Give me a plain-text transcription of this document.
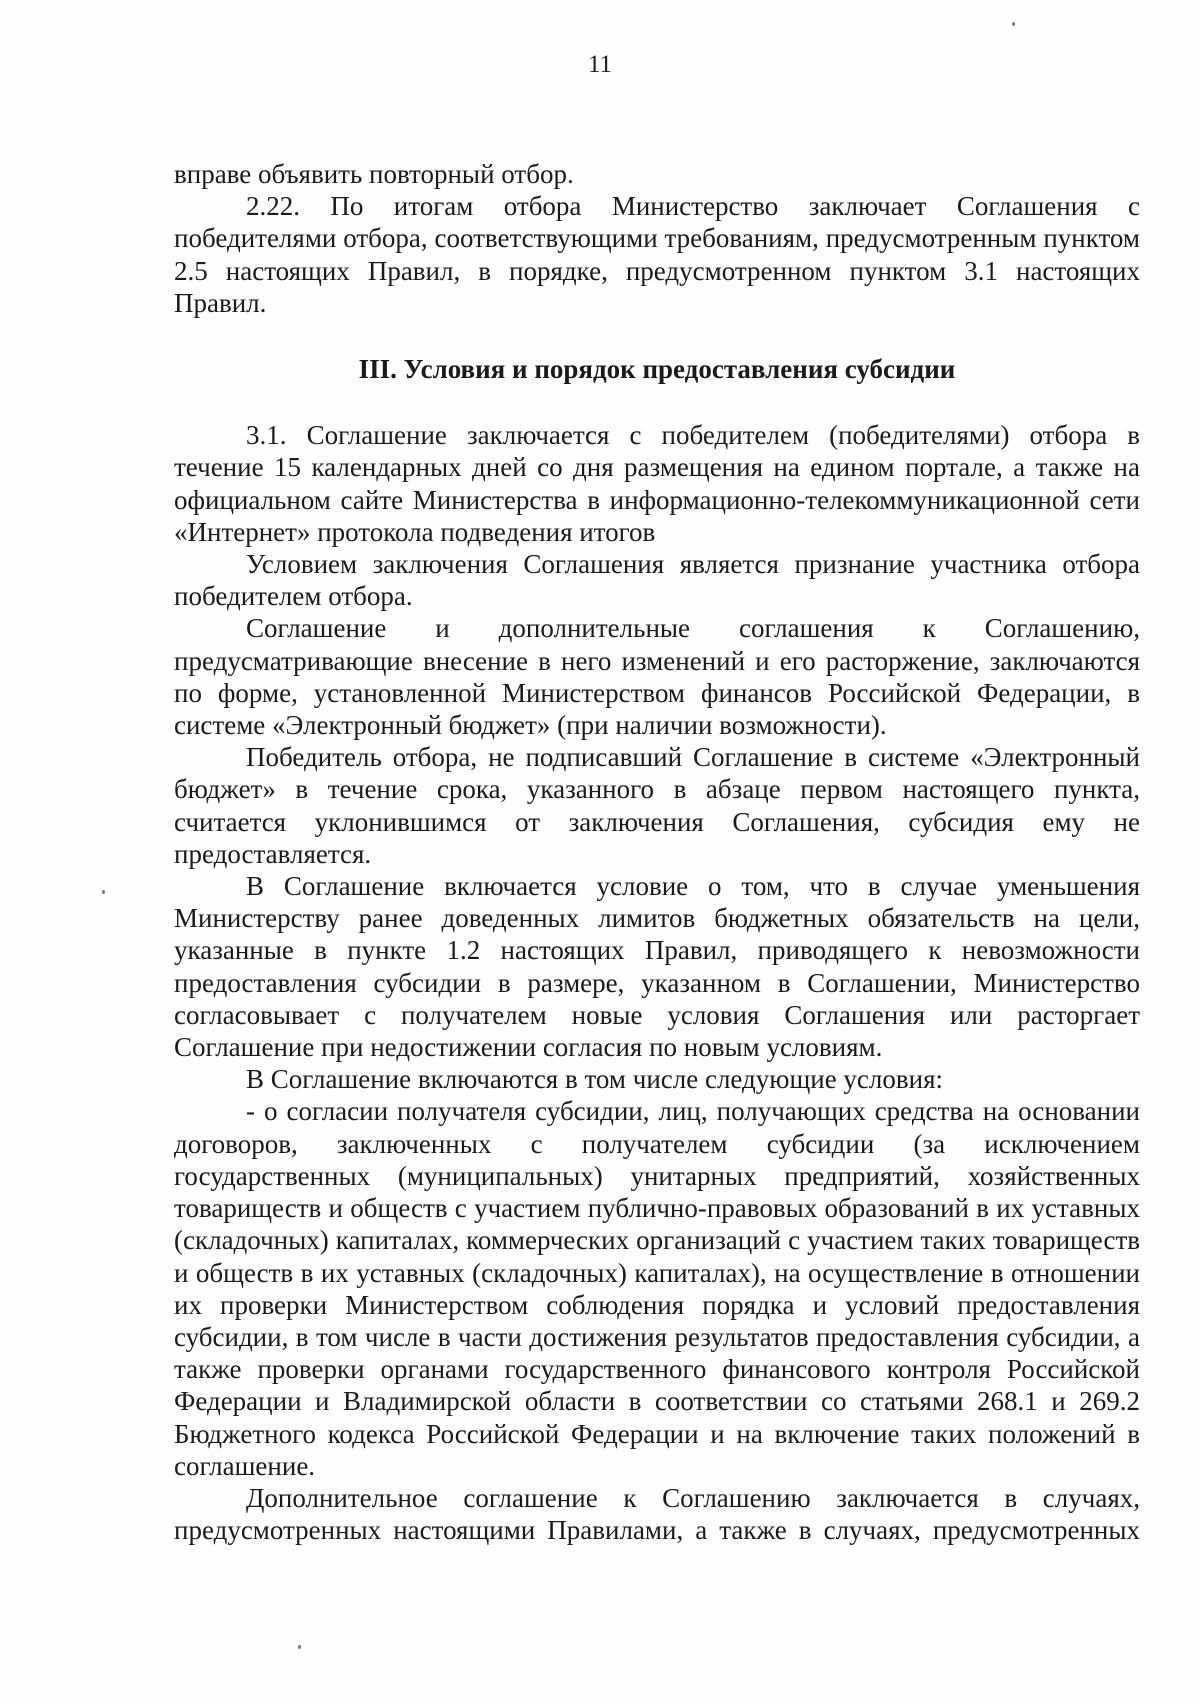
11

вправе объявить повторный отбор.

2.22. По итогам отбора Министерство заключает Соглашения с победителями отбора, соответствующими требованиям, предусмотренным пунктом 2.5 настоящих Правил, в порядке, предусмотренном пунктом 3.1 настоящих Правил.

III. Условия и порядок предоставления субсидии

3.1. Соглашение заключается с победителем (победителями) отбора в течение 15 календарных дней со дня размещения на едином портале, а также на официальном сайте Министерства в информационно-телекоммуникационной сети «Интернет» протокола подведения итогов

Условием заключения Соглашения является признание участника отбора победителем отбора.

Соглашение и дополнительные соглашения к Соглашению, предусматривающие внесение в него изменений и его расторжение, заключаются по форме, установленной Министерством финансов Российской Федерации, в системе «Электронный бюджет» (при наличии возможности).

Победитель отбора, не подписавший Соглашение в системе «Электронный бюджет» в течение срока, указанного в абзаце первом настоящего пункта, считается уклонившимся от заключения Соглашения, субсидия ему не предоставляется.

В Соглашение включается условие о том, что в случае уменьшения Министерству ранее доведенных лимитов бюджетных обязательств на цели, указанные в пункте 1.2 настоящих Правил, приводящего к невозможности предоставления субсидии в размере, указанном в Соглашении, Министерство согласовывает с получателем новые условия Соглашения или расторгает Соглашение при недостижении согласия по новым условиям.

В Соглашение включаются в том числе следующие условия:

- о согласии получателя субсидии, лиц, получающих средства на основании договоров, заключенных с получателем субсидии (за исключением государственных (муниципальных) унитарных предприятий, хозяйственных товариществ и обществ с участием публично-правовых образований в их уставных (складочных) капиталах, коммерческих организаций с участием таких товариществ и обществ в их уставных (складочных) капиталах), на осуществление в отношении их проверки Министерством соблюдения порядка и условий предоставлeния субсидии, в том числе в части достижения результатов предоставления субсидии, а также проверки органами государственного финансового контроля Российской Федерации и Владимирской области в соответствии со статьями 268.1 и 269.2 Бюджетного кодекса Российской Федерации и на включение таких положений в соглашение.

Дополнительное соглашение к Соглашению заключается в случаях, предусмотренных настоящими Правилами, а также в случаях, предусмотренных
